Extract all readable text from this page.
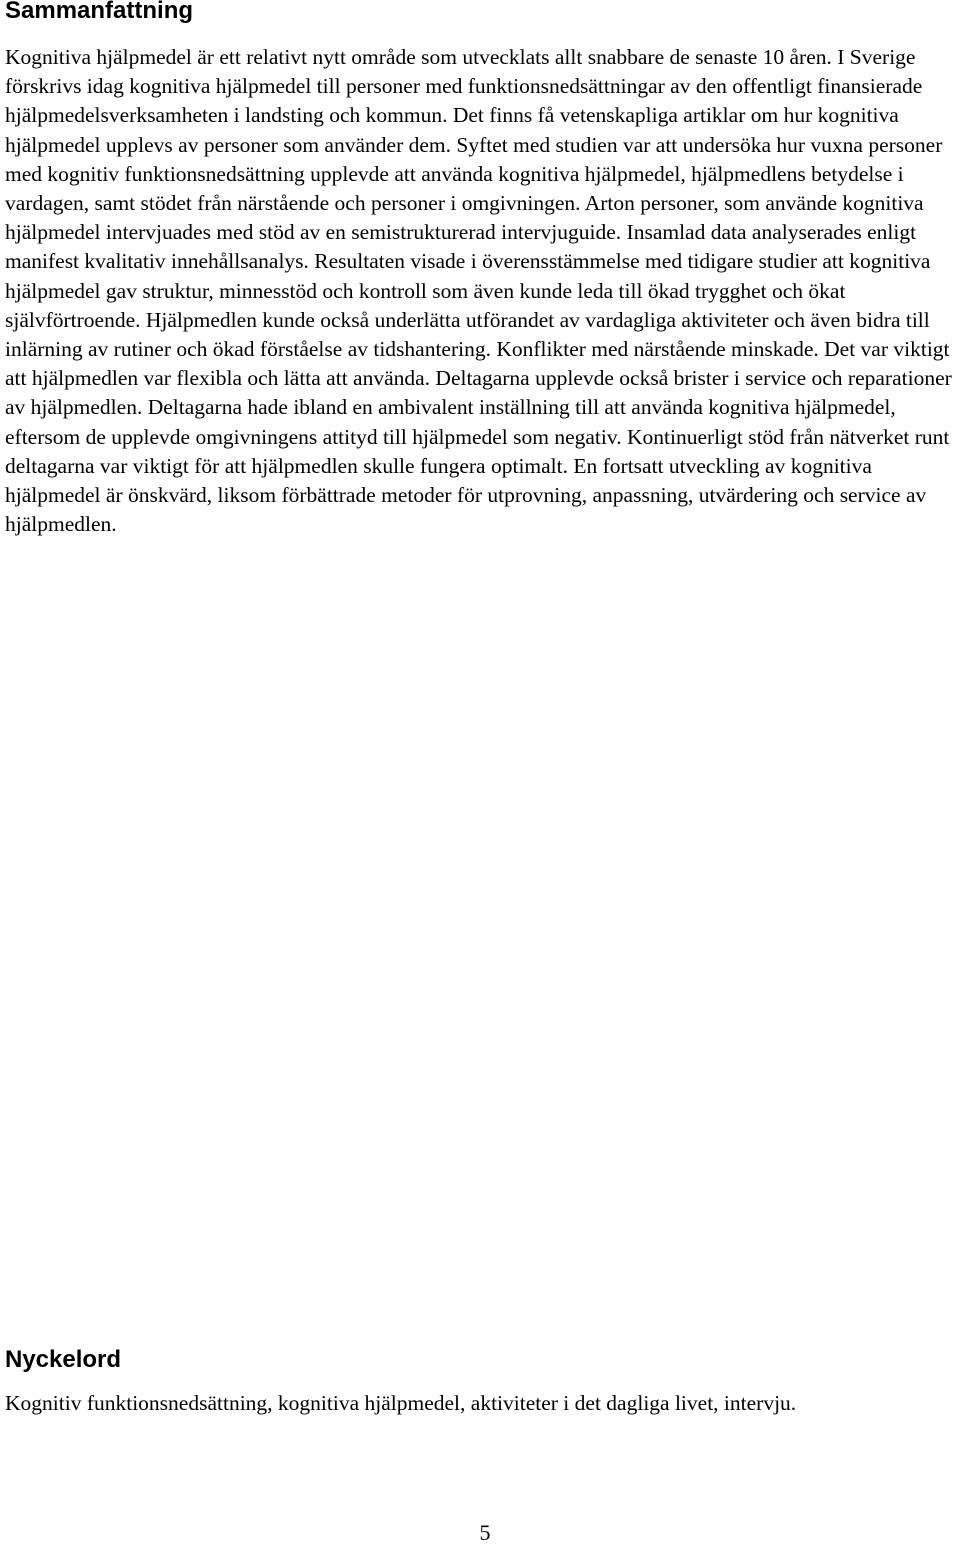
Sammanfattning

Kognitiva hjälpmedel är ett relativt nytt område som utvecklats allt snabbare de senaste 10 åren. I Sverige förskrivs idag kognitiva hjälpmedel till personer med funktionsnedsättningar av den offentligt finansierade hjälpmedelsverksamheten i landsting och kommun. Det finns få vetenskapliga artiklar om hur kognitiva hjälpmedel upplevs av personer som använder dem. Syftet med studien var att undersöka hur vuxna personer med kognitiv funktionsnedsättning upplevde att använda kognitiva hjälpmedel, hjälpmedlens betydelse i vardagen, samt stödet från närstående och personer i omgivningen. Arton personer, som använde kognitiva hjälpmedel intervjuades med stöd av en semistrukturerad intervjuguide. Insamlad data analyserades enligt manifest kvalitativ innehållsanalys. Resultaten visade i överensstämmelse med tidigare studier att kognitiva hjälpmedel gav struktur, minnesstöd och kontroll som även kunde leda till ökad trygghet och ökat självförtroende. Hjälpmedlen kunde också underlätta utförandet av vardagliga aktiviteter och även bidra till inlärning av rutiner och ökad förståelse av tidshantering. Konflikter med närstående minskade. Det var viktigt att hjälpmedlen var flexibla och lätta att använda. Deltagarna upplevde också brister i service och reparationer av hjälpmedlen. Deltagarna hade ibland en ambivalent inställning till att använda kognitiva hjälpmedel, eftersom de upplevde omgivningens attityd till hjälpmedel som negativ. Kontinuerligt stöd från nätverket runt deltagarna var viktigt för att hjälpmedlen skulle fungera optimalt. En fortsatt utveckling av kognitiva hjälpmedel är önskvärd, liksom förbättrade metoder för utprovning, anpassning, utvärdering och service av hjälpmedlen.

Nyckelord

Kognitiv funktionsnedsättning, kognitiva hjälpmedel, aktiviteter i det dagliga livet, intervju.

5
